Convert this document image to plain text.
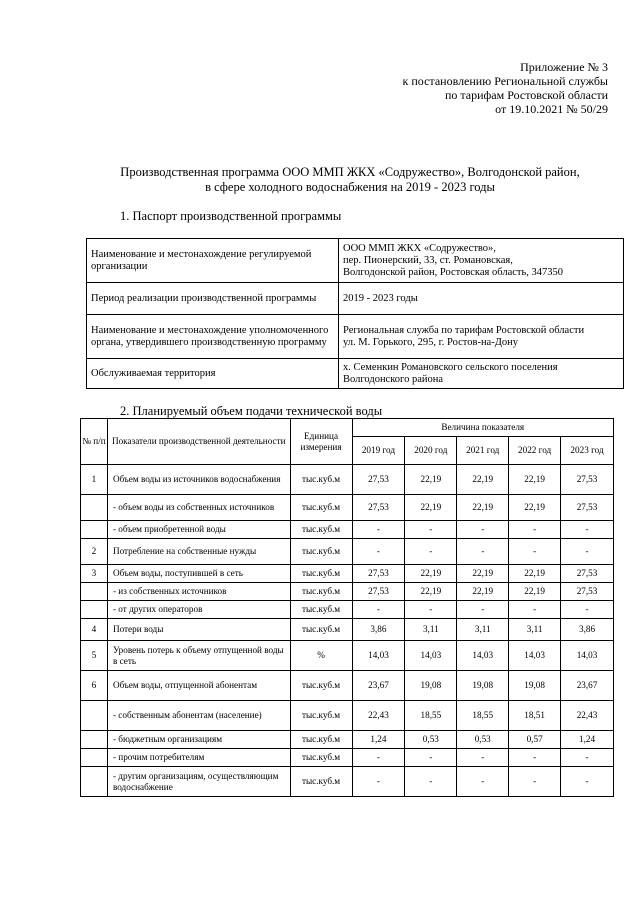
Приложение № 3
к постановлению Региональной службы
по тарифам Ростовской области
от 19.10.2021 № 50/29
Производственная программа ООО ММП ЖКХ «Содружество», Волгодонской район,
в сфере холодного водоснабжения на 2019 - 2023 годы
1. Паспорт производственной программы
Наименование и местонахождение регулируемой организации	ООО ММП ЖКХ «Содружество»,
пер. Пионерский, 33, ст. Романовская,
Волгодонской район, Ростовская область, 347350

Период реализации производственной программы	2019 - 2023 годы

Наименование и местонахождение уполномоченного органа, утвердившего производственную программу	Региональная служба по тарифам Ростовской области
ул. М. Горького, 295, г. Ростов-на-Дону

Обслуживаемая территория	х. Семенкин Романовского сельского поселения
Волгодонского района
2. Планируемый объем подачи технической воды
№ п/п	Показатели производственной деятельности	Единица измерения	Величина показателя				
			2019 год	2020 год	2021 год	2022 год	2023 год
1	Объем воды из источников водоснабжения	тыс.куб.м	27,53	22,19	22,19	22,19	27,53
	- объем воды из собственных источников	тыс.куб.м	27,53	22,19	22,19	22,19	27,53
	- объем приобретенной воды	тыс.куб.м	-	-	-	-	-
2	Потребление на собственные нужды	тыс.куб.м	-	-	-	-	-
3	Объем воды, поступившей в сеть	тыс.куб.м	27,53	22,19	22,19	22,19	27,53
	- из собственных источников	тыс.куб.м	27,53	22,19	22,19	22,19	27,53
	- от других операторов	тыс.куб.м	-	-	-	-	-
4	Потери воды	тыс.куб.м	3,86	3,11	3,11	3,11	3,86
5	Уровень потерь к объему отпущенной воды в сеть	%	14,03	14,03	14,03	14,03	14,03
6	Объем воды, отпущенной абонентам	тыс.куб.м	23,67	19,08	19,08	19,08	23,67
	- собственным абонентам (население)	тыс.куб.м	22,43	18,55	18,55	18,51	22,43
	- бюджетным организациям	тыс.куб.м	1,24	0,53	0,53	0,57	1,24
	- прочим потребителям	тыс.куб.м	-	-	-	-	-
	- другим организациям, осуществляющим водоснабжение	тыс.куб.м	-	-	-	-	-
